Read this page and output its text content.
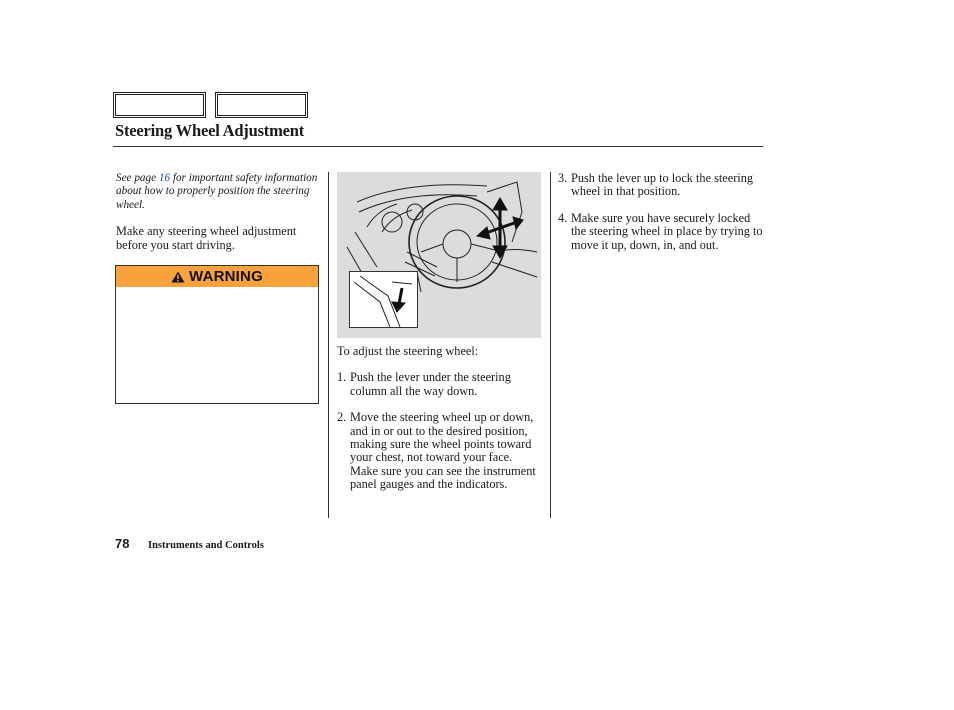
Steering Wheel Adjustment
See page 16 for important safety information about how to properly position the steering wheel.
Make any steering wheel adjustment before you start driving.
WARNING
To adjust the steering wheel:
1. Push the lever under the steering column all the way down.
2. Move the steering wheel up or down, and in or out to the desired position, making sure the wheel points toward your chest, not toward your face. Make sure you can see the instrument panel gauges and the indicators.
3. Push the lever up to lock the steering wheel in that position.
4. Make sure you have securely locked the steering wheel in place by trying to move it up, down, in, and out.
78 Instruments and Controls
